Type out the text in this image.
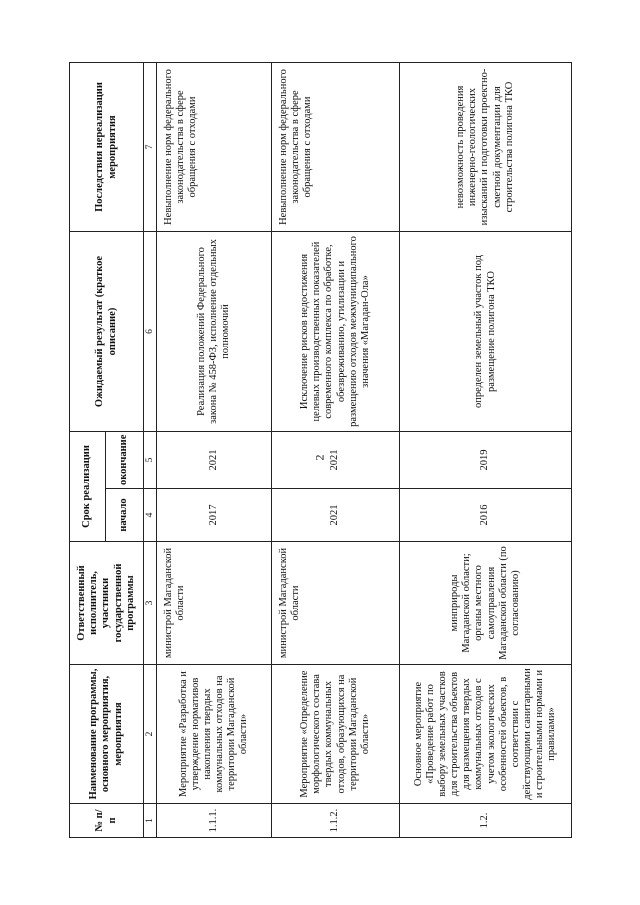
2
№ п/п	Наименование программы, основного мероприятия, мероприятия	Ответственный исполнитель, участники государственной программы	Срок реализации		Ожидаемый результат (краткое описание)	Последствия нереализации мероприятия
			начало	окончание		
1	2	3	4	5	6	7
1.1.1.	Мероприятие «Разработка и утверждение нормативов накопления твердых коммунальных отходов на территории Магаданской области»	министрой Магаданской области	2017	2021	Реализация положений Федерального закона № 458-ФЗ, исполнение отдельных полномочий	Невыполнение норм федерального законодательства в сфере обращения с отходами
1.1.2.	Мероприятие «Определение морфологического состава твердых коммунальных отходов, образующихся на территории Магаданской области»	министрой Магаданской области	2021	2021	Исключение рисков недостижения целевых производственных показателей современного комплекса по обработке, обезвреживанию, утилизации и размещению отходов межмуниципального значения «Магадан-Ола»	Невыполнение норм федерального законодательства в сфере обращения с отходами
1.2.	Основное мероприятие «Проведение работ по выбору земельных участков для строительства объектов для размещения твердых коммунальных отходов с учетом экологических особенностей объектов, в соответствии с действующими санитарными и строительными нормами и правилами»	минприроды Магаданской области; органы местного самоуправления Магаданской области (по согласованию)	2016	2019	определен земельный участок под размещение полигона ТКО	невозможность проведения инженерно-геологических изысканий и подготовки проектно-сметной документации для строительства полигона ТКО
